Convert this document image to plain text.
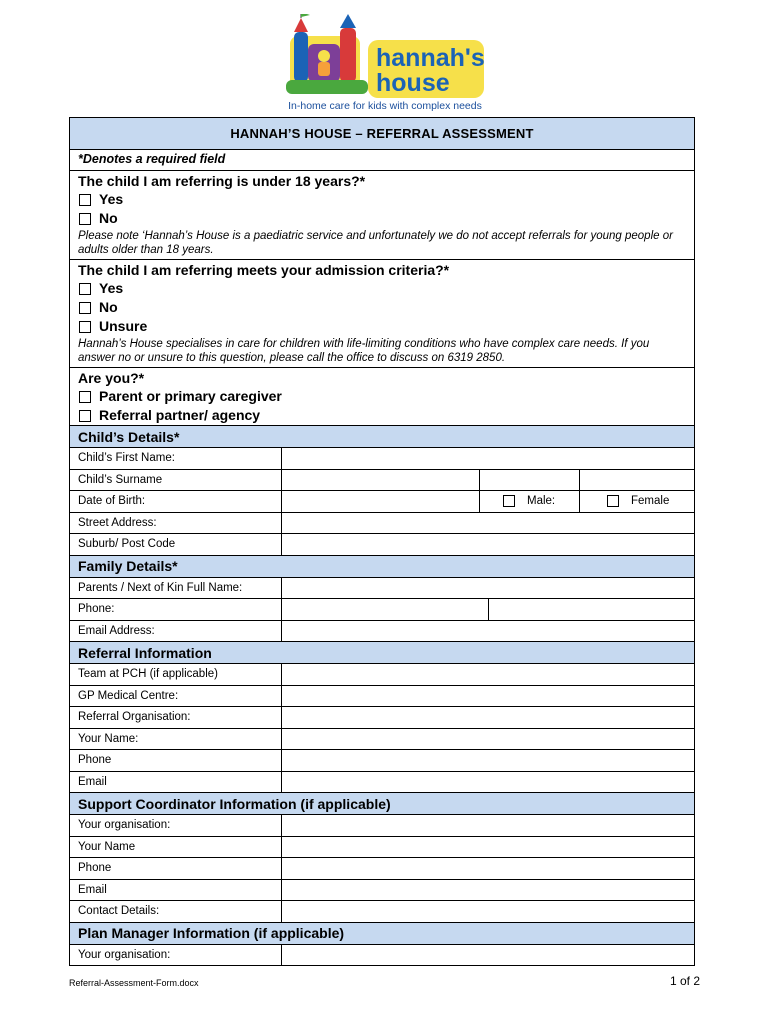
hannah's
house
In-home care for kids with complex needs
HANNAH’S HOUSE – REFERRAL ASSESSMENT
*Denotes a required field
The child I am referring is under 18 years?*
Yes
No
Please note ‘Hannah’s House is a paediatric service and unfortunately we do not accept referrals for young people or adults older than 18 years.
The child I am referring meets your admission criteria?*
Yes
No
Unsure
Hannah’s House specialises in care for children with life-limiting conditions who have complex care needs. If you answer no or unsure to this question, please call the office to discuss on 6319 2850.
Are you?*
Parent or primary caregiver
Referral partner/ agency
Child’s Details*
Child’s First Name:
Child’s Surname
Date of Birth:	Male:	Female
Street Address:
Suburb/ Post Code
Family Details*
Parents / Next of Kin Full Name:
Phone:
Email Address:
Referral Information
Team at PCH (if applicable)
GP Medical Centre:
Referral Organisation:
Your Name:
Phone
Email
Support Coordinator Information (if applicable)
Your organisation:
Your Name
Phone
Email
Contact Details:
Plan Manager Information (if applicable)
Your organisation:
Referral-Assessment-Form.docx	1 of 2
